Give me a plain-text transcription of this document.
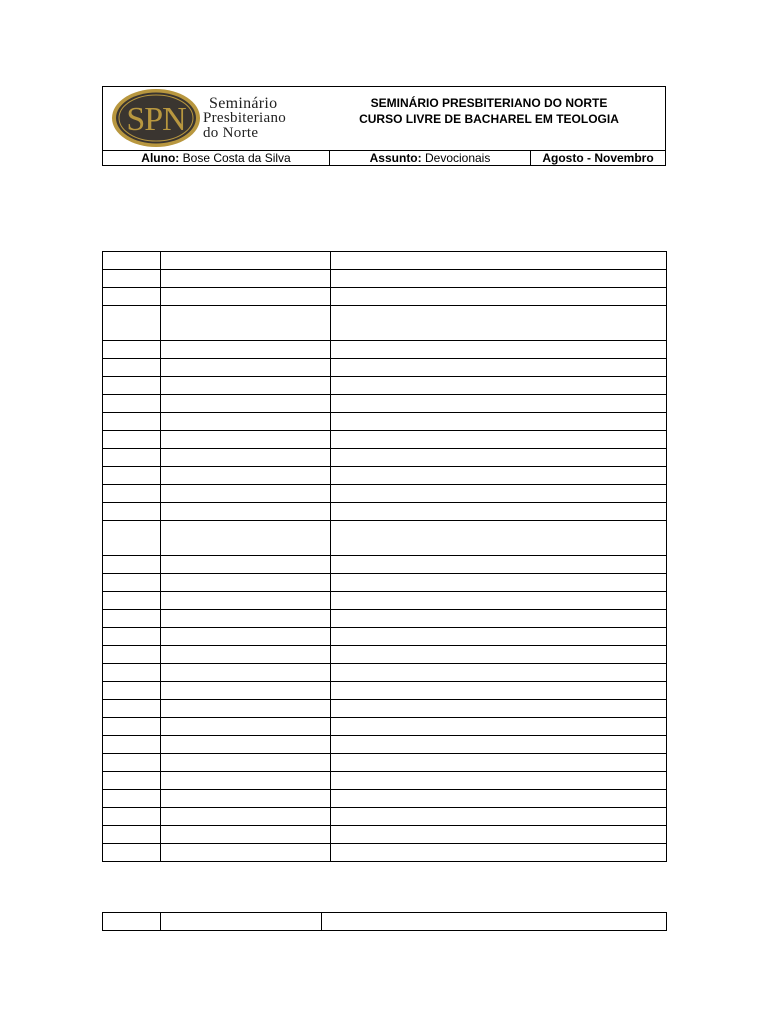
SPN	Seminário
Presbiteriano
do Norte
SEMINÁRIO PRESBITERIANO DO NORTE
CURSO LIVRE DE BACHAREL EM TEOLOGIA
Aluno: Bose Costa da Silva	Assunto: Devocionais	Agosto - Novembro
